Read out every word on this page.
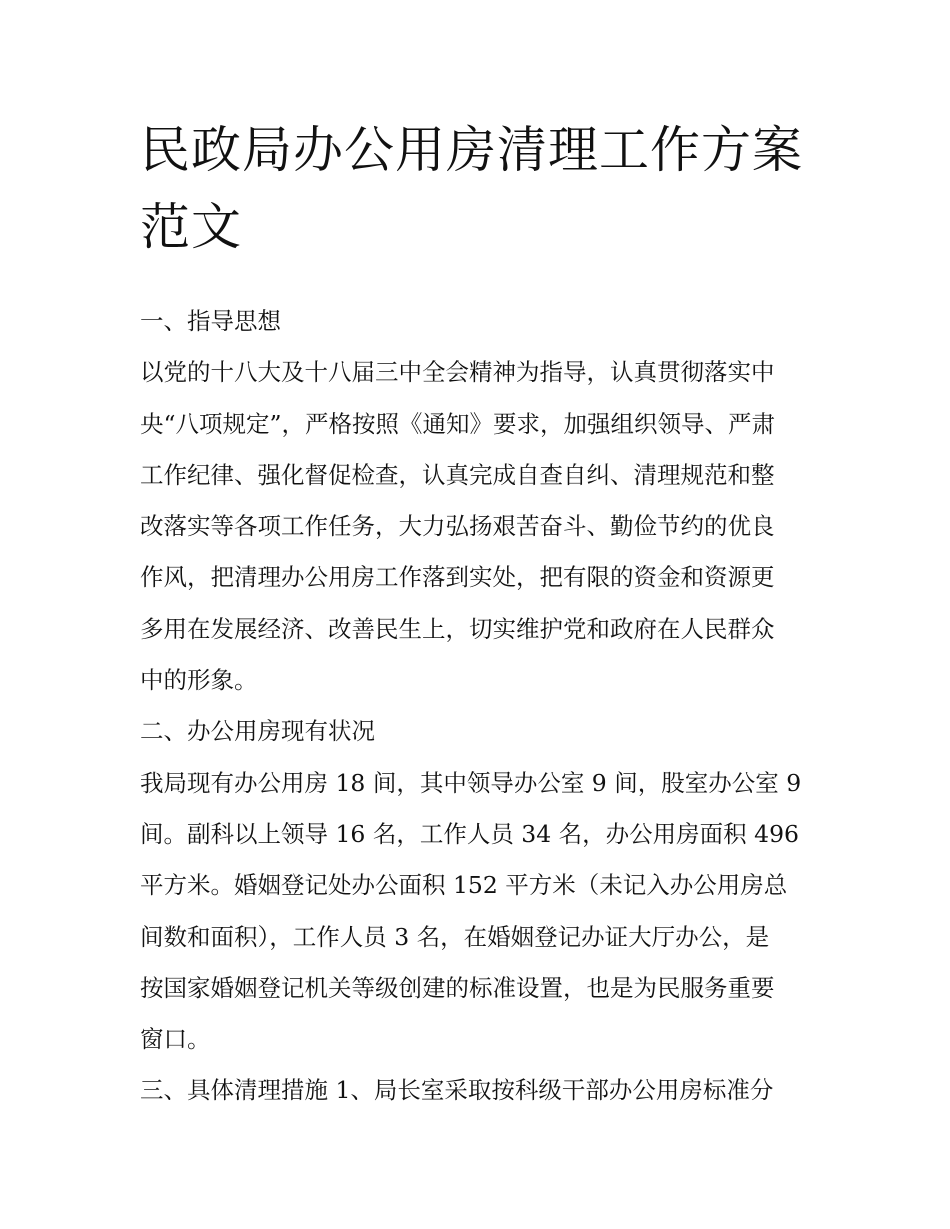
民政局办公用房清理工作方案
范文
一、指导思想
以党的十八大及十八届三中全会精神为指导，认真贯彻落实中
央“八项规定”，严格按照《通知》要求，加强组织领导、严肃
工作纪律、强化督促检查，认真完成自查自纠、清理规范和整
改落实等各项工作任务，大力弘扬艰苦奋斗、勤俭节约的优良
作风，把清理办公用房工作落到实处，把有限的资金和资源更
多用在发展经济、改善民生上，切实维护党和政府在人民群众
中的形象。
二、办公用房现有状况
我局现有办公用房 18 间，其中领导办公室 9 间，股室办公室 9
间。副科以上领导 16 名，工作人员 34 名，办公用房面积 496
平方米。婚姻登记处办公面积 152 平方米（未记入办公用房总
间数和面积），工作人员 3 名，在婚姻登记办证大厅办公，是
按国家婚姻登记机关等级创建的标准设置，也是为民服务重要
窗口。
三、具体清理措施 1、局长室采取按科级干部办公用房标准分
